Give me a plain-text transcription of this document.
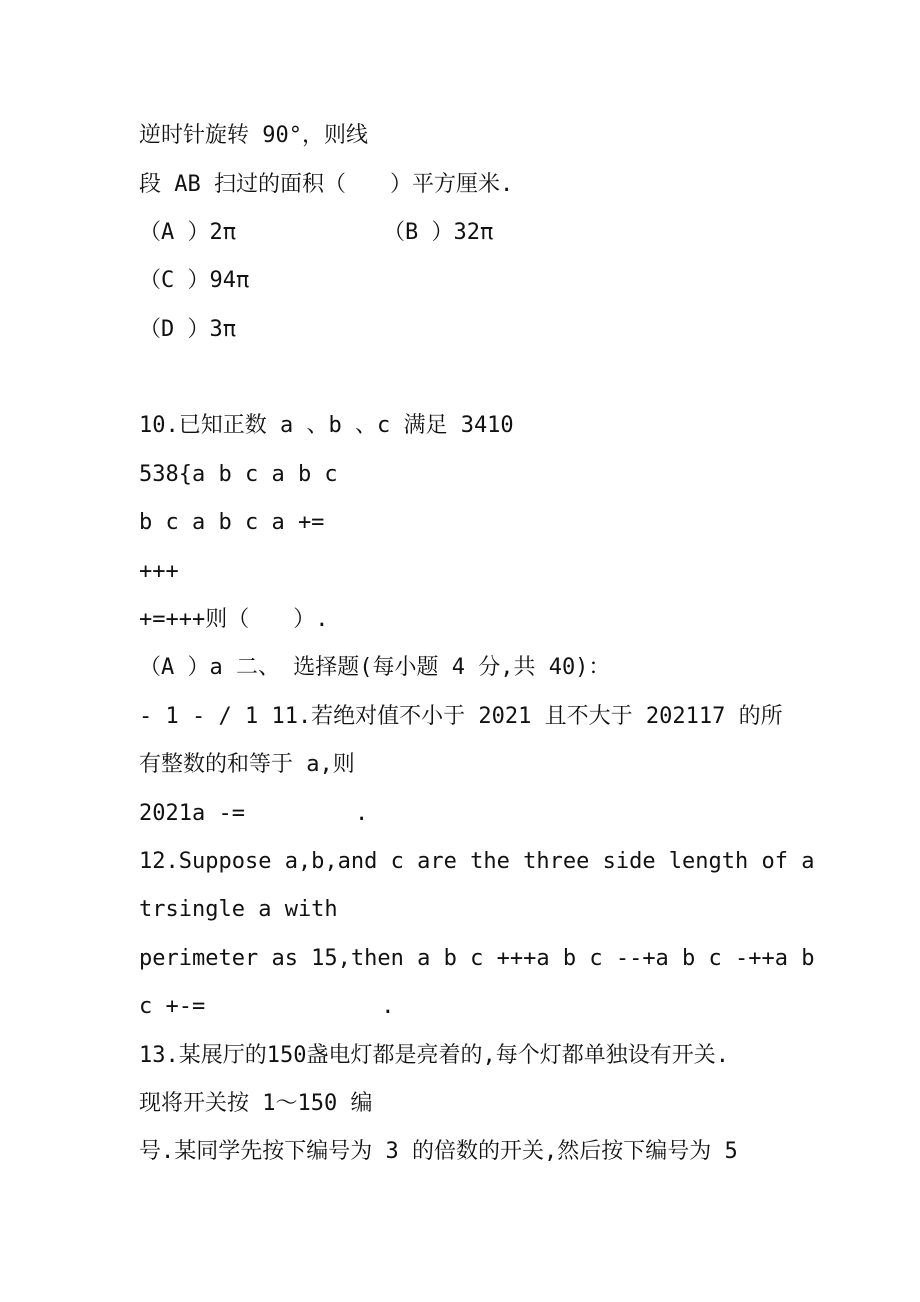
逆时针旋转 90°，则线
段 AB 扫过的面积（　　）平方厘米.
（A ）2π	（B ）32π
（C ）94π
（D ）3π
10.已知正数 a 、b 、c 满足 3410
538{a b c a b c
b c a b c a +=
+++
+=+++则（　　）.
（A ）a 二、 选择题(每小题 4 分,共 40)：
- 1 - / 1 11.若绝对值不小于 2021 且不大于 202117 的所
有整数的和等于 a,则
2021a -=　　　　　.
12.Suppose a,b,and c are the three side length of a
trsingle a with
perimeter as 15,then a b c +++a b c --+a b c -++a b
c +-=　　　　　　　　.
13.某展厅的150盏电灯都是亮着的,每个灯都单独设有开关.
现将开关按 1～150 编
号.某同学先按下编号为 3 的倍数的开关,然后按下编号为 5
